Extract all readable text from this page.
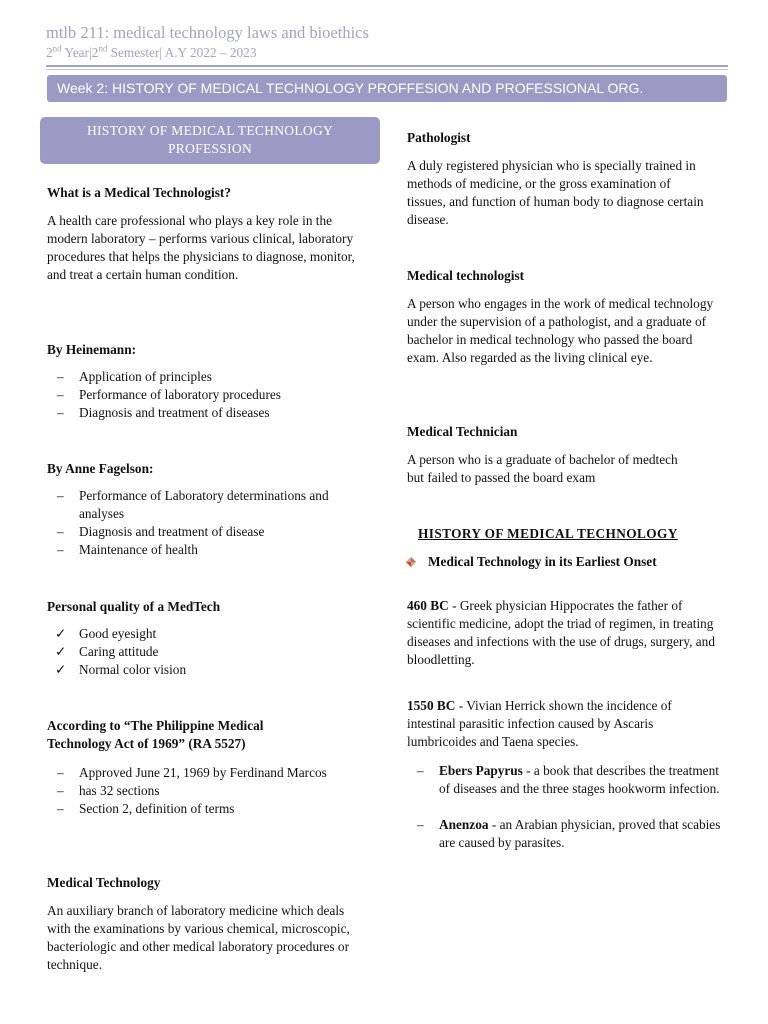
mtlb 211: medical technology laws and bioethics
2nd Year|2nd Semester| A.Y 2022 – 2023
Week 2: HISTORY OF MEDICAL TECHNOLOGY PROFFESION AND PROFESSIONAL ORG.
HISTORY OF MEDICAL TECHNOLOGY
PROFESSION
What is a Medical Technologist?
A health care professional who plays a key role in the modern laboratory – performs various clinical, laboratory procedures that helps the physicians to diagnose, monitor, and treat a certain human condition.
By Heinemann:
– Application of principles
– Performance of laboratory procedures
– Diagnosis and treatment of diseases
By Anne Fagelson:
– Performance of Laboratory determinations and analyses
– Diagnosis and treatment of disease
– Maintenance of health
Personal quality of a MedTech
✓ Good eyesight
✓ Caring attitude
✓ Normal color vision
According to “The Philippine Medical Technology Act of 1969” (RA 5527)
– Approved June 21, 1969 by Ferdinand Marcos
– has 32 sections
– Section 2, definition of terms
Medical Technology
An auxiliary branch of laboratory medicine which deals with the examinations by various chemical, microscopic, bacteriologic and other medical laboratory procedures or technique.
Pathologist
A duly registered physician who is specially trained in methods of medicine, or the gross examination of tissues, and function of human body to diagnose certain disease.
Medical technologist
A person who engages in the work of medical technology under the supervision of a pathologist, and a graduate of bachelor in medical technology who passed the board exam. Also regarded as the living clinical eye.
Medical Technician
A person who is a graduate of bachelor of medtech but failed to passed the board exam
HISTORY OF MEDICAL TECHNOLOGY
Medical Technology in its Earliest Onset
460 BC - Greek physician Hippocrates the father of scientific medicine, adopt the triad of regimen, in treating diseases and infections with the use of drugs, surgery, and bloodletting.
1550 BC - Vivian Herrick shown the incidence of intestinal parasitic infection caused by Ascaris lumbricoides and Taena species.
– Ebers Papyrus - a book that describes the treatment of diseases and the three stages hookworm infection.
– Anenzoa - an Arabian physician, proved that scabies are caused by parasites.
